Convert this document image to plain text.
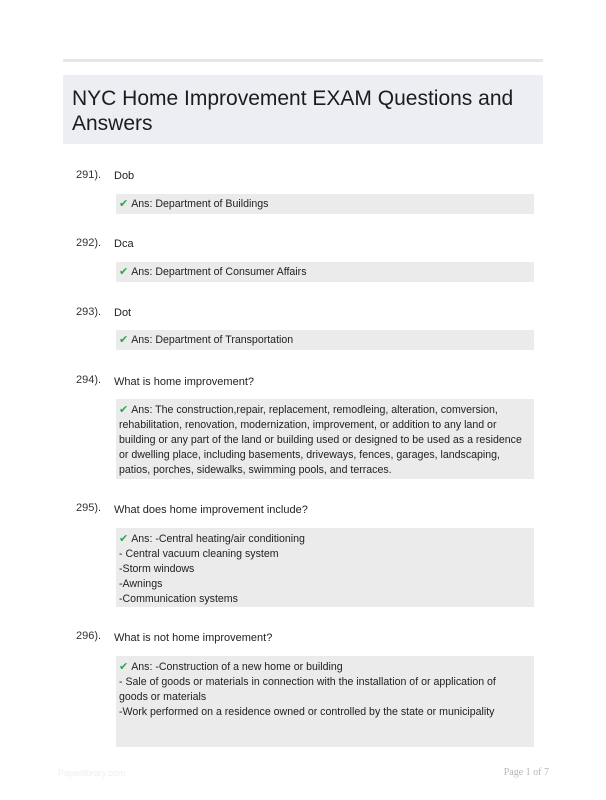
NYC Home Improvement EXAM Questions and
Answers
291). Dob
✔ Ans: Department of Buildings
292). Dca
✔ Ans: Department of Consumer Affairs
293). Dot
✔ Ans: Department of Transportation
294). What is home improvement?
✔ Ans: The construction,repair, replacement, remodleing, alteration, comversion,
rehabilitation, renovation, modernization, improvement, or addition to any land or
building or any part of the land or building used or designed to be used as a residence
or dwelling place, including basements, driveways, fences, garages, landscaping,
patios, porches, sidewalks, swimming pools, and terraces.
295). What does home improvement include?
✔ Ans: -Central heating/air conditioning
- Central vacuum cleaning system
-Storm windows
-Awnings
-Communication systems
296). What is not home improvement?
✔ Ans: -Construction of a new home or building
- Sale of goods or materials in connection with the installation of or application of
goods or materials
-Work performed on a residence owned or controlled by the state or municipality
Paperlibrary.com	Page 1 of 7
